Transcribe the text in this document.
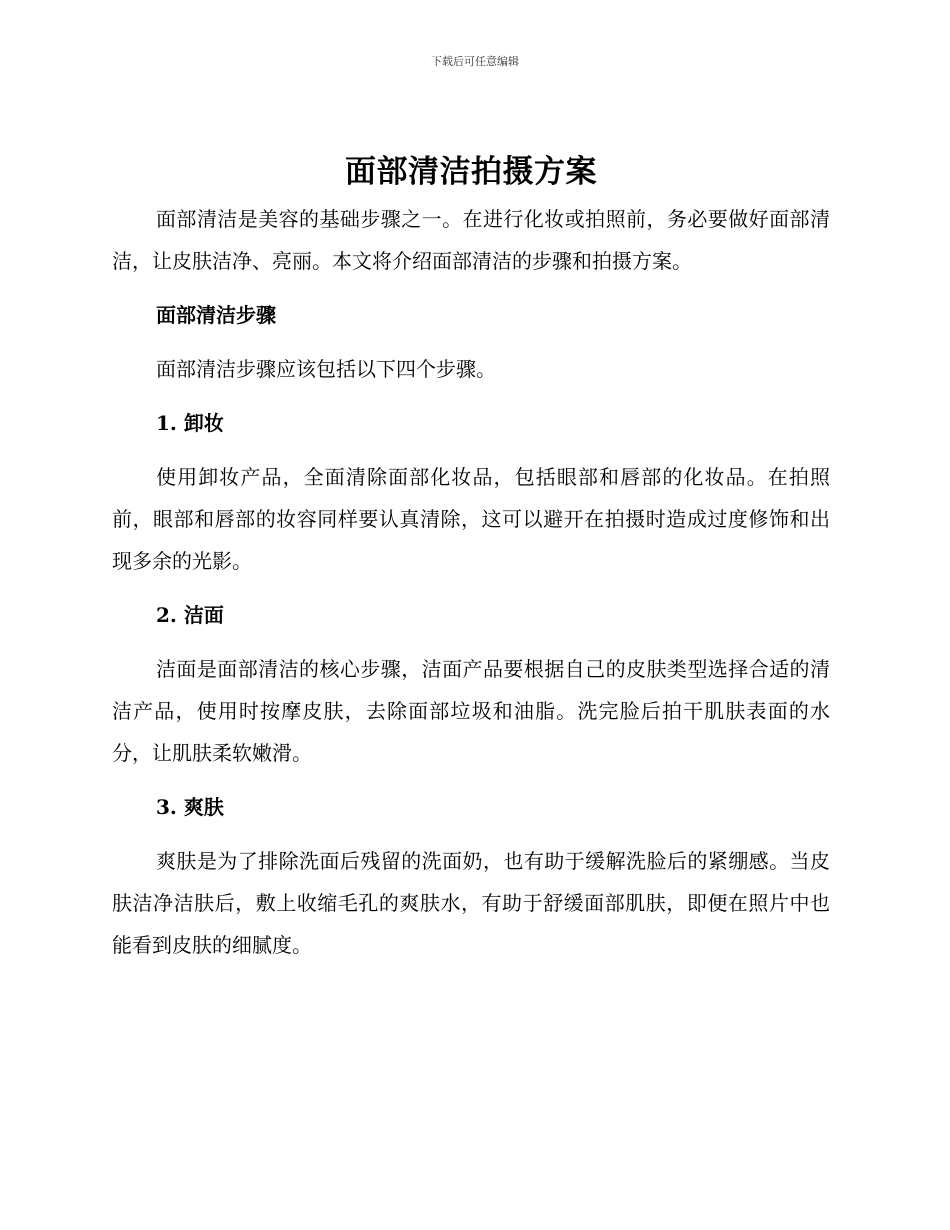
下载后可任意编辑
面部清洁拍摄方案

面部清洁是美容的基础步骤之一。在进行化妆或拍照前，务必要做好面部清洁，让皮肤洁净、亮丽。本文将介绍面部清洁的步骤和拍摄方案。

面部清洁步骤

面部清洁步骤应该包括以下四个步骤。

1. 卸妆

使用卸妆产品，全面清除面部化妆品，包括眼部和唇部的化妆品。在拍照前，眼部和唇部的妆容同样要认真清除，这可以避开在拍摄时造成过度修饰和出现多余的光影。

2. 洁面

洁面是面部清洁的核心步骤，洁面产品要根据自己的皮肤类型选择合适的清洁产品，使用时按摩皮肤，去除面部垃圾和油脂。洗完脸后拍干肌肤表面的水分，让肌肤柔软嫩滑。

3. 爽肤

爽肤是为了排除洗面后残留的洗面奶，也有助于缓解洗脸后的紧绷感。当皮肤洁净洁肤后，敷上收缩毛孔的爽肤水，有助于舒缓面部肌肤，即便在照片中也能看到皮肤的细腻度。
